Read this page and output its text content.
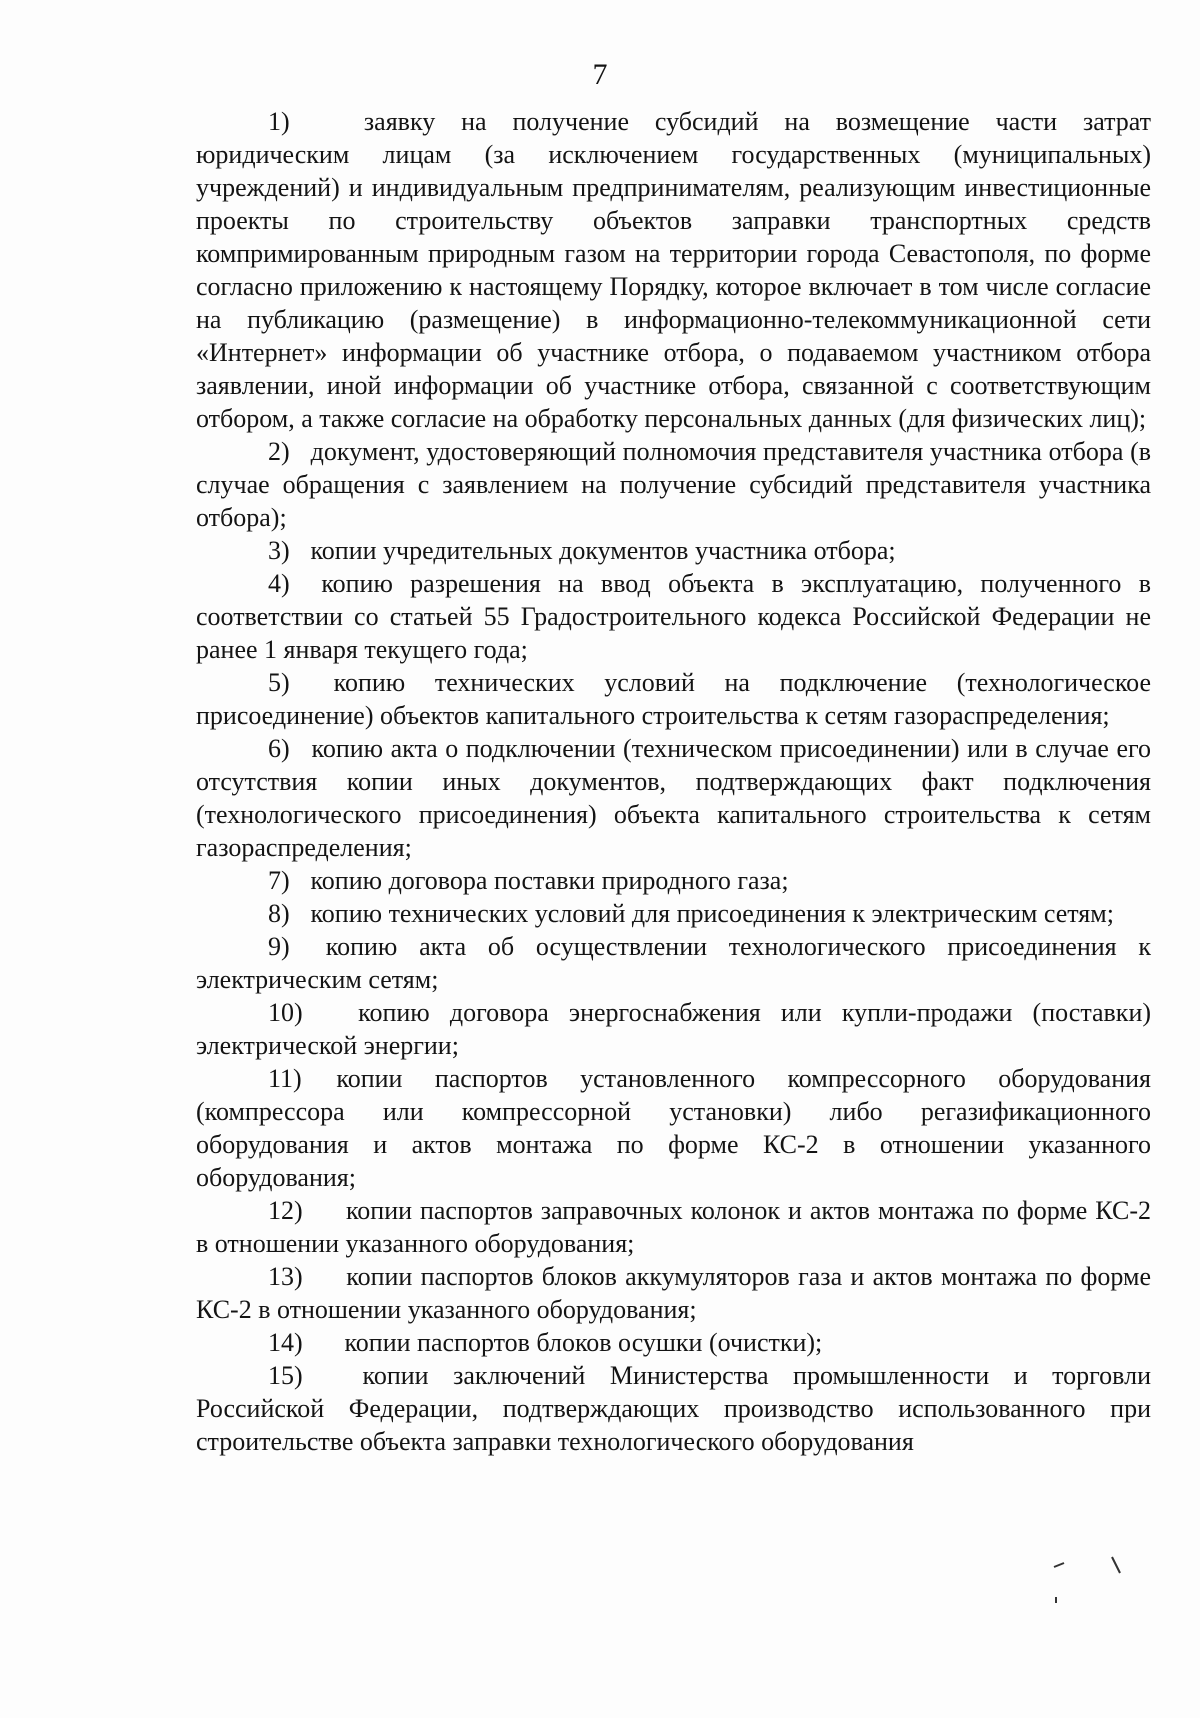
7

1)	заявку на получение субсидий на возмещение части затрат юридическим лицам (за исключением государственных (муниципальных) учреждений) и индивидуальным предпринимателям, реализующим инвестиционные проекты по строительству объектов заправки транспортных средств компримированным природным газом на территории города Севастополя, по форме согласно приложению к настоящему Порядку, которое включает в том числе согласие на публикацию (размещение) в информационно-телекоммуникационной сети «Интернет» информации об участнике отбора, о подаваемом участником отбора заявлении, иной информации об участнике отбора, связанной с соответствующим отбором, а также согласие на обработку персональных данных (для физических лиц);

2) документ, удостоверяющий полномочия представителя участника отбора (в случае обращения с заявлением на получение субсидий представителя участника отбора);

3) копии учредительных документов участника отбора;

4) копию разрешения на ввод объекта в эксплуатацию, полученного в соответствии со статьей 55 Градостроительного кодекса Российской Федерации не ранее 1 января текущего года;

5) копию технических условий на подключение (технологическое присоединение) объектов капитального строительства к сетям газораспределения;

6) копию акта о подключении (техническом присоединении) или в случае его отсутствия копии иных документов, подтверждающих факт подключения (технологического присоединения) объекта капитального строительства к сетям газораспределения;

7) копию договора поставки природного газа;

8) копию технических условий для присоединения к электрическим сетям;

9) копию акта об осуществлении технологического присоединения к электрическим сетям;

10) копию договора энергоснабжения или купли-продажи (поставки) электрической энергии;

11) копии паспортов установленного компрессорного оборудования (компрессора или компрессорной установки) либо регазификационного оборудования и актов монтажа по форме КС-2 в отношении указанного оборудования;

12) копии паспортов заправочных колонок и актов монтажа по форме КС-2 в отношении указанного оборудования;

13) копии паспортов блоков аккумуляторов газа и актов монтажа по форме КС-2 в отношении указанного оборудования;

14) копии паспортов блоков осушки (очистки);

15) копии заключений Министерства промышленности и торговли Российской Федерации, подтверждающих производство использованного при строительстве объекта заправки технологического оборудования
